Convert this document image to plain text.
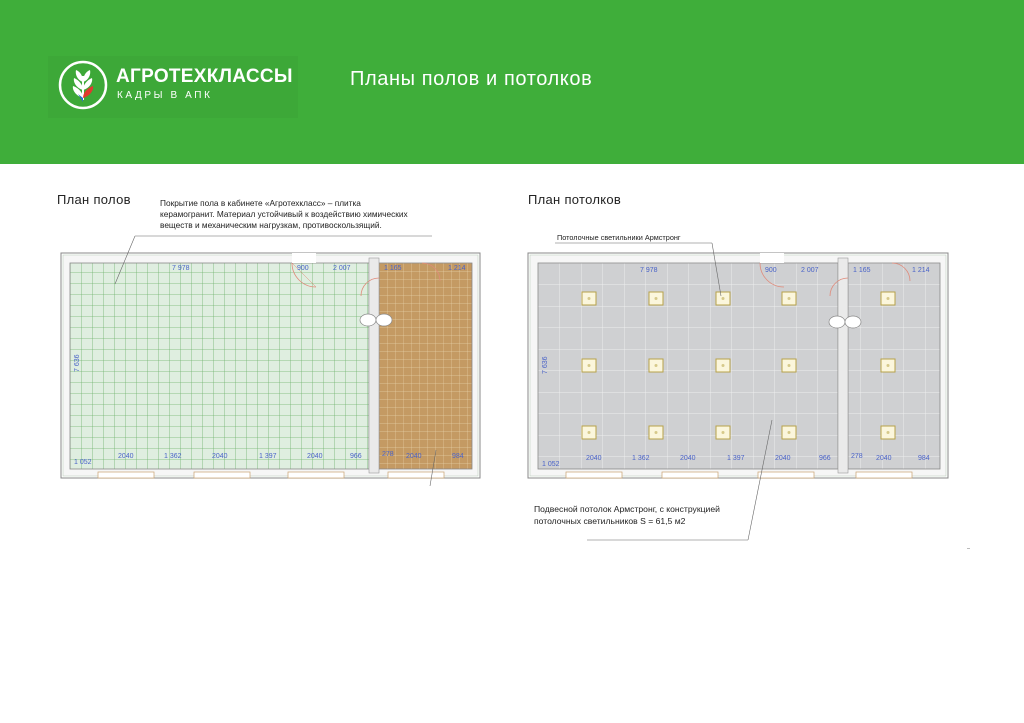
АГРОТЕХКЛАССЫ
КАДРЫ В АПК
Планы полов и потолков
План полов	План потолков
Покрытие пола в кабинете «Агротехкласс» – плитка
керамогранит. Материал устойчивый к воздействию химических
веществ и механическим нагрузкам, противоскользящий.
Подвесной потолок Армстронг, с конструкцией
потолочных светильников S = 61,5 м2
7 978	900	2 007	1 165	1 214
7 636
1 052
2040	1 362	2040	1 397	2040	966	278 2040	984
Потолочные светильники Армстронг
7 978	900	2 007	1 165	1 214
7 636
1 052
2040	1 362	2040	1 397	2040	966	278 2040	984
